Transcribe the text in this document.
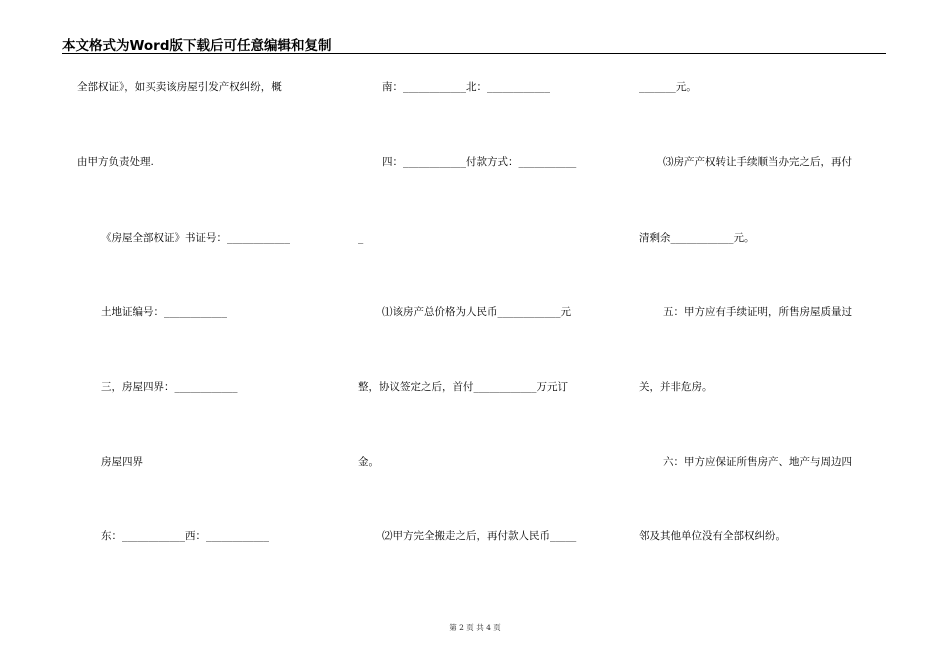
本文格式为Word版下载后可任意编辑和复制
全部权证》，如买卖该房屋引发产权纠纷，概
由甲方负责处理.
《房屋全部权证》书证号：____________
土地证编号：____________
三，房屋四界：____________
房屋四界
东：____________西：____________
南：____________北：____________
四：____________付款方式：___________
_
⑴该房产总价格为人民币____________元
整，协议签定之后，首付____________万元订
金。
⑵甲方完全搬走之后，再付款人民币_____
_______元。
⑶房产产权转让手续顺当办完之后，再付
清剩余____________元。
五：甲方应有手续证明，所售房屋质量过
关，并非危房。
六：甲方应保证所售房产、地产与周边四
邻及其他单位没有全部权纠纷。
第 2 页 共 4 页
